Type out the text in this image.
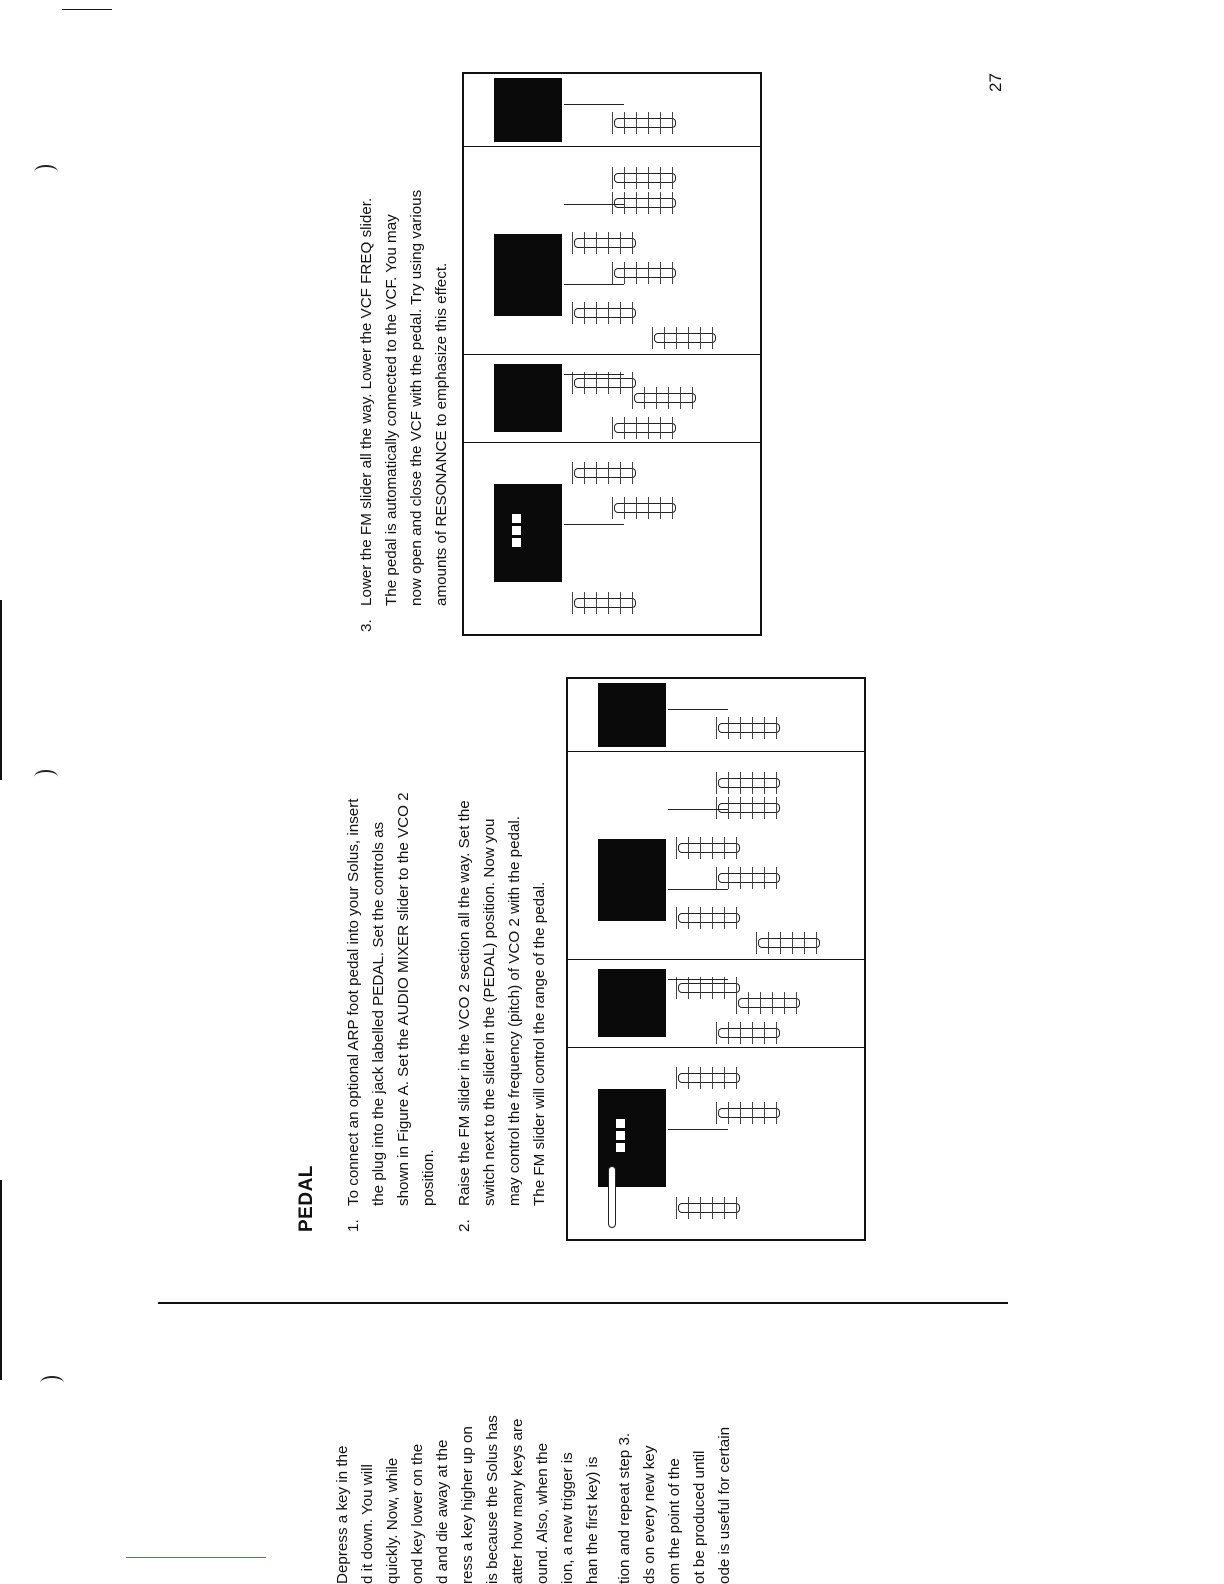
27
Depress a key in the d it down. You will quickly. Now, while ond key lower on the d and die away at the ress a key higher up on is because the Solus has atter how many keys are ound. Also, when the ion, a new trigger is han the first key) is tion and repeat step 3. ds on every new key om the point of the ot be produced until ode is useful for certain
PEDAL 1.To connect an optional ARP foot pedal into your Solus, insert the plug into the jack labelled PEDAL. Set the controls as shown in Figure A. Set the AUDIO MIXER slider to the VCO 2 position.
2.Raise the FM slider in the VCO 2 section all the way. Set the switch next to the slider in the (PEDAL) position. Now you may control the frequency (pitch) of VCO 2 with the pedal. The FM slider will control the range of the pedal.
3.Lower the FM slider all the way. Lower the VCF FREQ slider. The pedal is automatically connected to the VCF. You may now open and close the VCF with the pedal. Try using various amounts of RESONANCE to emphasize this effect.
